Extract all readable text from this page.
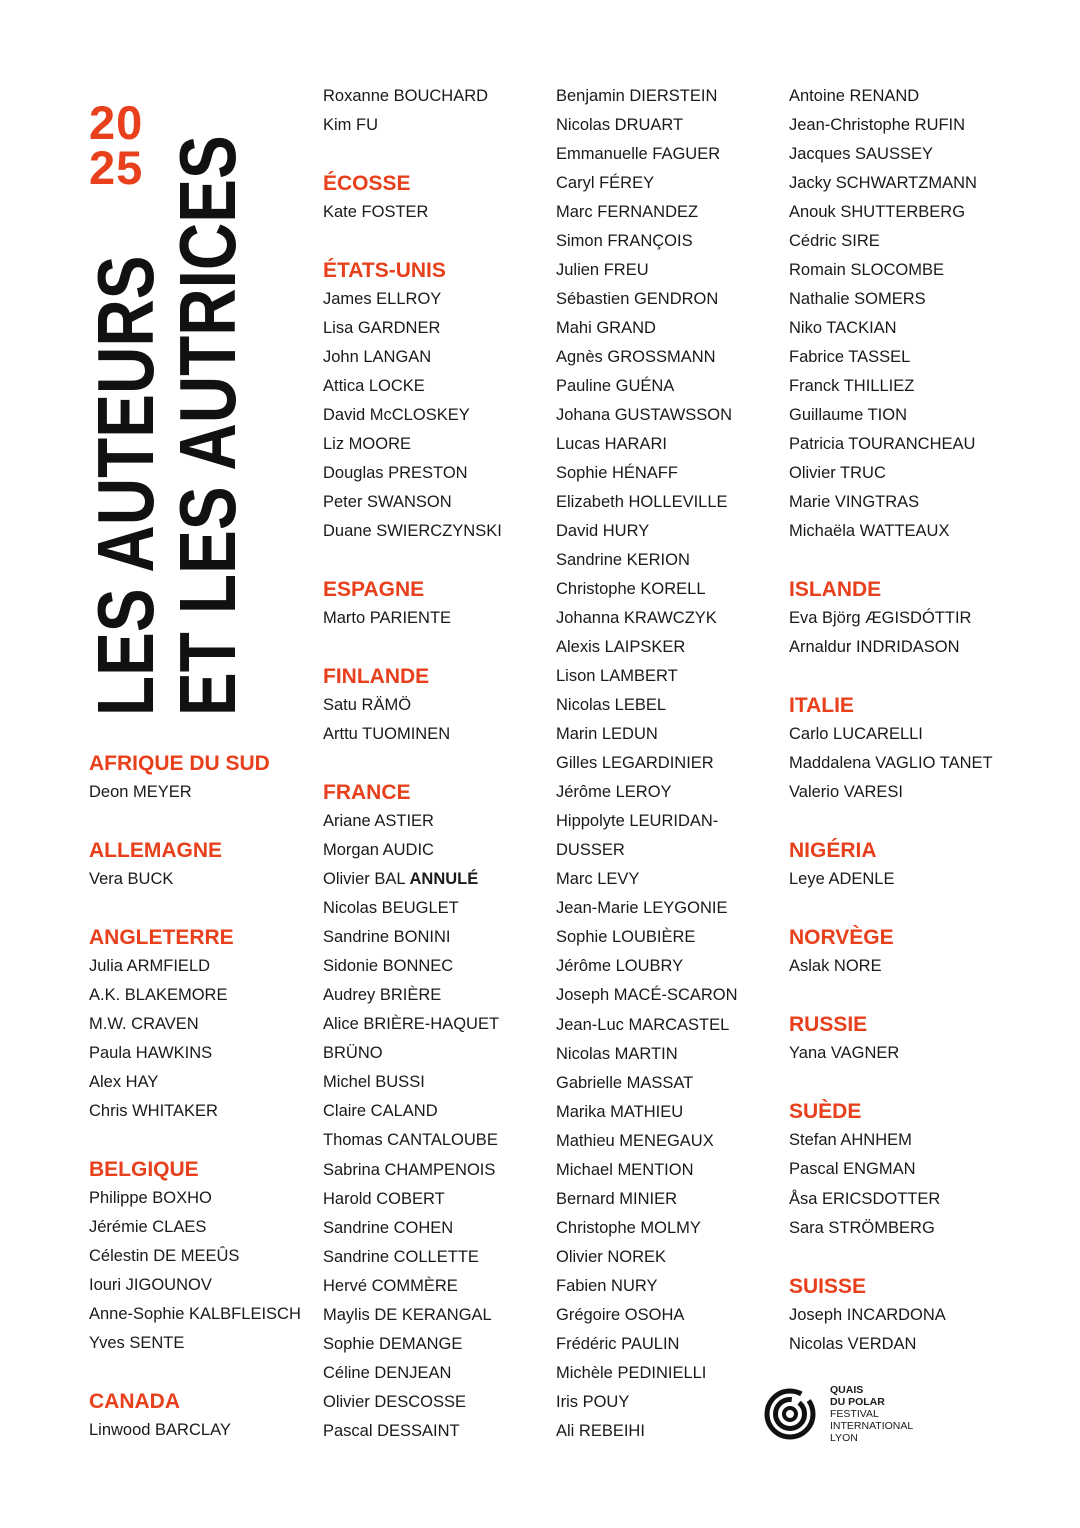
20
25
LES AUTEURS
ET LES AUTRICES
AFRIQUE DU SUD
Deon MEYER
ALLEMAGNE
Vera BUCK
ANGLETERRE
Julia ARMFIELD
A.K. BLAKEMORE
M.W. CRAVEN
Paula HAWKINS
Alex HAY
Chris WHITAKER
BELGIQUE
Philippe BOXHO
Jérémie CLAES
Célestin DE MEEÛS
Iouri JIGOUNOV
Anne-Sophie KALBFLEISCH
Yves SENTE
CANADA
Linwood BARCLAY
Roxanne BOUCHARD
Kim FU
ÉCOSSE
Kate FOSTER
ÉTATS-UNIS
James ELLROY
Lisa GARDNER
John LANGAN
Attica LOCKE
David McCLOSKEY
Liz MOORE
Douglas PRESTON
Peter SWANSON
Duane SWIERCZYNSKI
ESPAGNE
Marto PARIENTE
FINLANDE
Satu RÄMÖ
Arttu TUOMINEN
FRANCE
Ariane ASTIER
Morgan AUDIC
Olivier BAL ANNULÉ
Nicolas BEUGLET
Sandrine BONINI
Sidonie BONNEC
Audrey BRIÈRE
Alice BRIÈRE-HAQUET
BRÜNO
Michel BUSSI
Claire CALAND
Thomas CANTALOUBE
Sabrina CHAMPENOIS
Harold COBERT
Sandrine COHEN
Sandrine COLLETTE
Hervé COMMÈRE
Maylis DE KERANGAL
Sophie DEMANGE
Céline DENJEAN
Olivier DESCOSSE
Pascal DESSAINT
Benjamin DIERSTEIN
Nicolas DRUART
Emmanuelle FAGUER
Caryl FÉREY
Marc FERNANDEZ
Simon FRANÇOIS
Julien FREU
Sébastien GENDRON
Mahi GRAND
Agnès GROSSMANN
Pauline GUÉNA
Johana GUSTAWSSON
Lucas HARARI
Sophie HÉNAFF
Elizabeth HOLLEVILLE
David HURY
Sandrine KERION
Christophe KORELL
Johanna KRAWCZYK
Alexis LAIPSKER
Lison LAMBERT
Nicolas LEBEL
Marin LEDUN
Gilles LEGARDINIER
Jérôme LEROY
Hippolyte LEURIDAN-
DUSSER
Marc LEVY
Jean-Marie LEYGONIE
Sophie LOUBIÈRE
Jérôme LOUBRY
Joseph MACÉ-SCARON
Jean-Luc MARCASTEL
Nicolas MARTIN
Gabrielle MASSAT
Marika MATHIEU
Mathieu MENEGAUX
Michael MENTION
Bernard MINIER
Christophe MOLMY
Olivier NOREK
Fabien NURY
Grégoire OSOHA
Frédéric PAULIN
Michèle PEDINIELLI
Iris POUY
Ali REBEIHI
Antoine RENAND
Jean-Christophe RUFIN
Jacques SAUSSEY
Jacky SCHWARTZMANN
Anouk SHUTTERBERG
Cédric SIRE
Romain SLOCOMBE
Nathalie SOMERS
Niko TACKIAN
Fabrice TASSEL
Franck THILLIEZ
Guillaume TION
Patricia TOURANCHEAU
Olivier TRUC
Marie VINGTRAS
Michaëla WATTEAUX
ISLANDE
Eva Björg ÆGISDÓTTIR
Arnaldur INDRIDASON
ITALIE
Carlo LUCARELLI
Maddalena VAGLIO TANET
Valerio VARESI
NIGÉRIA
Leye ADENLE
NORVÈGE
Aslak NORE
RUSSIE
Yana VAGNER
SUÈDE
Stefan AHNHEM
Pascal ENGMAN
Åsa ERICSDOTTER
Sara STRÖMBERG
SUISSE
Joseph INCARDONA
Nicolas VERDAN
QUAIS
DU POLAR
FESTIVAL
INTERNATIONAL
LYON
